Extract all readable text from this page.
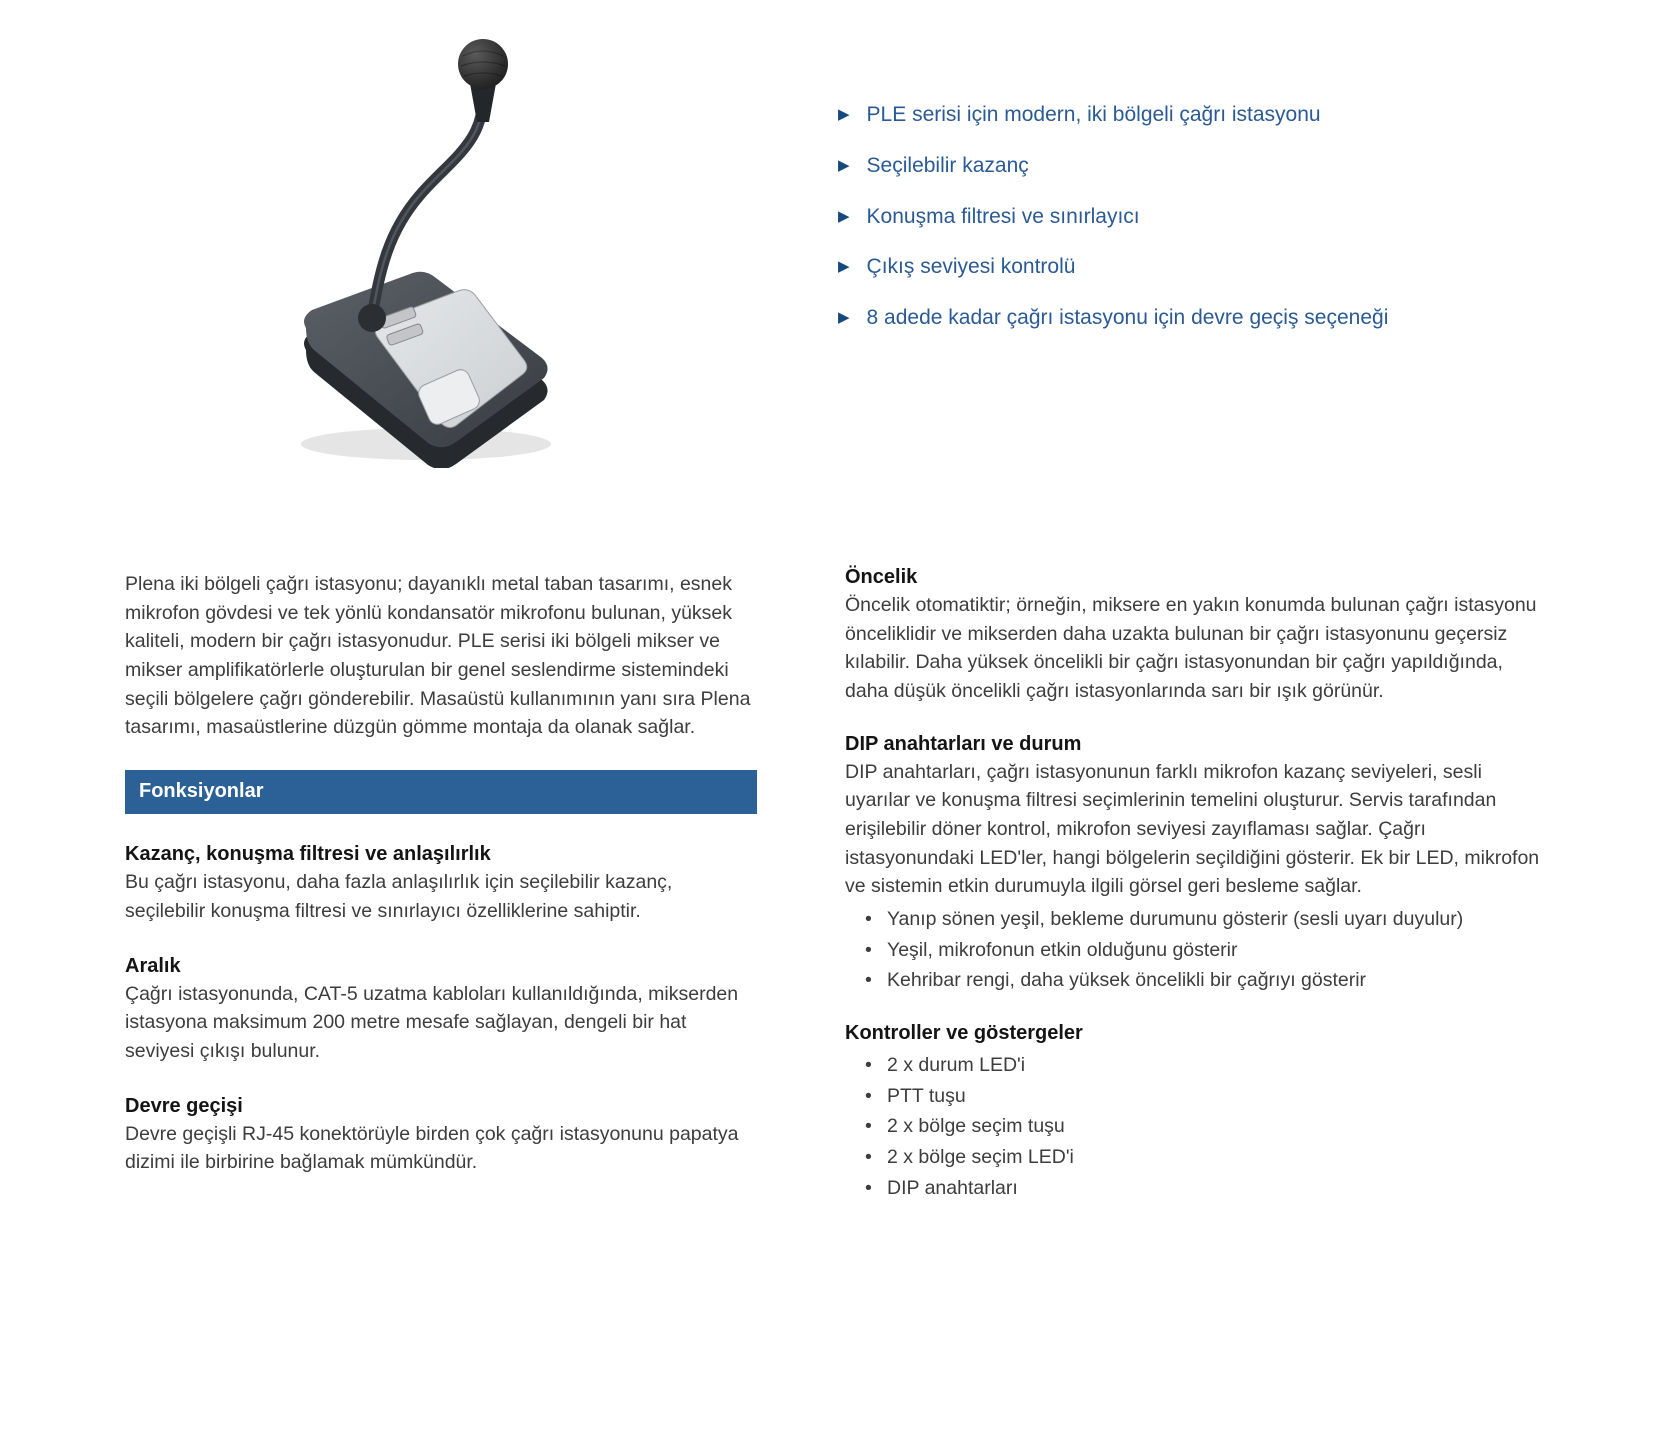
▶ PLE serisi için modern, iki bölgeli çağrı istasyonu
▶ Seçilebilir kazanç
▶ Konuşma filtresi ve sınırlayıcı
▶ Çıkış seviyesi kontrolü
▶ 8 adede kadar çağrı istasyonu için devre geçiş seçeneği

Plena iki bölgeli çağrı istasyonu; dayanıklı metal taban tasarımı, esnek mikrofon gövdesi ve tek yönlü kondansatör mikrofonu bulunan, yüksek kaliteli, modern bir çağrı istasyonudur. PLE serisi iki bölgeli mikser ve mikser amplifikatörlerle oluşturulan bir genel seslendirme sistemindeki seçili bölgelere çağrı gönderebilir. Masaüstü kullanımının yanı sıra Plena tasarımı, masaüstlerine düzgün gömme montaja da olanak sağlar.

Fonksiyonlar

Kazanç, konuşma filtresi ve anlaşılırlık

Bu çağrı istasyonu, daha fazla anlaşılırlık için seçilebilir kazanç, seçilebilir konuşma filtresi ve sınırlayıcı özelliklerine sahiptir.

Aralık

Çağrı istasyonunda, CAT-5 uzatma kabloları kullanıldığında, mikserden istasyona maksimum 200 metre mesafe sağlayan, dengeli bir hat seviyesi çıkışı bulunur.

Devre geçişi

Devre geçişli RJ-45 konektörüyle birden çok çağrı istasyonunu papatya dizimi ile birbirine bağlamak mümkündür.

Öncelik

Öncelik otomatiktir; örneğin, miksere en yakın konumda bulunan çağrı istasyonu önceliklidir ve mikserden daha uzakta bulunan bir çağrı istasyonunu geçersiz kılabilir. Daha yüksek öncelikli bir çağrı istasyonundan bir çağrı yapıldığında, daha düşük öncelikli çağrı istasyonlarında sarı bir ışık görünür.

DIP anahtarları ve durum

DIP anahtarları, çağrı istasyonunun farklı mikrofon kazanç seviyeleri, sesli uyarılar ve konuşma filtresi seçimlerinin temelini oluşturur. Servis tarafından erişilebilir döner kontrol, mikrofon seviyesi zayıflaması sağlar. Çağrı istasyonundaki LED'ler, hangi bölgelerin seçildiğini gösterir. Ek bir LED, mikrofon ve sistemin etkin durumuyla ilgili görsel geri besleme sağlar.

• Yanıp sönen yeşil, bekleme durumunu gösterir (sesli uyarı duyulur)
• Yeşil, mikrofonun etkin olduğunu gösterir
• Kehribar rengi, daha yüksek öncelikli bir çağrıyı gösterir

Kontroller ve göstergeler

• 2 x durum LED'i
• PTT tuşu
• 2 x bölge seçim tuşu
• 2 x bölge seçim LED'i
• DIP anahtarları
